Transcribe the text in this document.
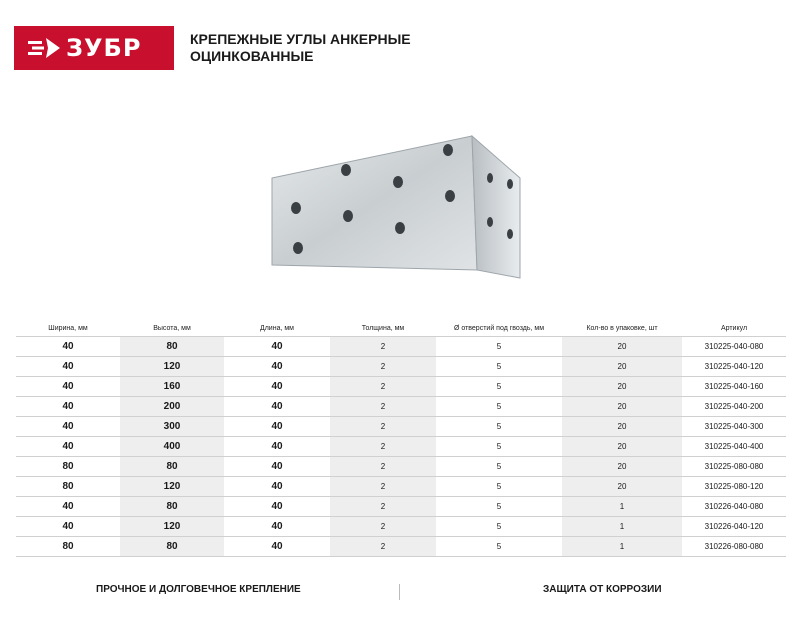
ЗУБР	КРЕПЕЖНЫЕ УГЛЫ АНКЕРНЫЕ
ОЦИНКОВАННЫЕ
Ширина, мм	Высота, мм	Длина, мм	Толщина, мм	Ø отверстий под гвоздь, мм	Кол-во в упаковке, шт	Артикул
40	80	40	2	5	20	310225-040-080
40	120	40	2	5	20	310225-040-120
40	160	40	2	5	20	310225-040-160
40	200	40	2	5	20	310225-040-200
40	300	40	2	5	20	310225-040-300
40	400	40	2	5	20	310225-040-400
80	80	40	2	5	20	310225-080-080
80	120	40	2	5	20	310225-080-120
40	80	40	2	5	1	310226-040-080
40	120	40	2	5	1	310226-040-120
80	80	40	2	5	1	310226-080-080
ПРОЧНОЕ И ДОЛГОВЕЧНОЕ КРЕПЛЕНИЕ	ЗАЩИТА ОТ КОРРОЗИИ
